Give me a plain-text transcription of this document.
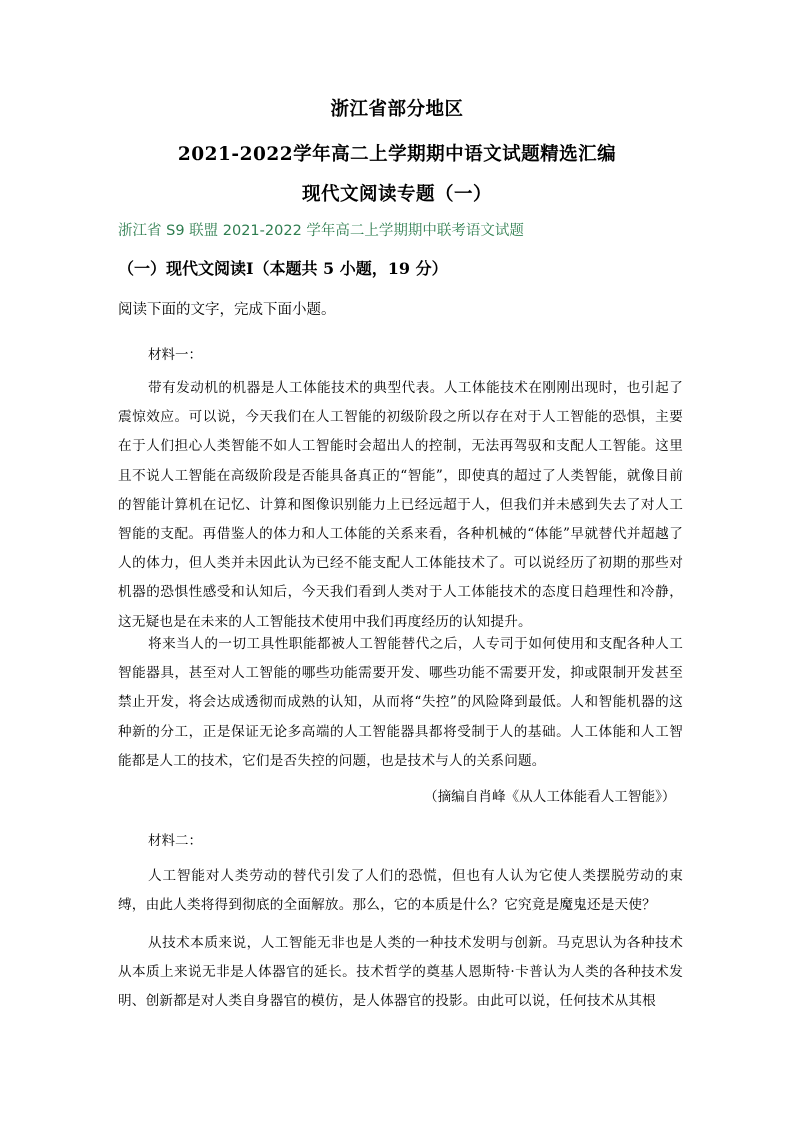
浙江省部分地区
2021-2022学年高二上学期期中语文试题精选汇编
现代文阅读专题（一）
浙江省 S9 联盟 2021-2022 学年高二上学期期中联考语文试题
（一）现代文阅读Ⅰ（本题共 5 小题，19 分）
阅读下面的文字，完成下面小题。
材料一：

带有发动机的机器是人工体能技术的典型代表。人工体能技术在刚刚出现时，也引起了震惊效应。可以说，今天我们在人工智能的初级阶段之所以存在对于人工智能的恐惧，主要在于人们担心人类智能不如人工智能时会超出人的控制，无法再驾驭和支配人工智能。这里且不说人工智能在高级阶段是否能具备真正的“智能”，即使真的超过了人类智能，就像目前的智能计算机在记忆、计算和图像识别能力上已经远超于人，但我们并未感到失去了对人工智能的支配。再借鉴人的体力和人工体能的关系来看，各种机械的“体能”早就替代并超越了人的体力，但人类并未因此认为已经不能支配人工体能技术了。可以说经历了初期的那些对机器的恐惧性感受和认知后，今天我们看到人类对于人工体能技术的态度日趋理性和冷静，这无疑也是在未来的人工智能技术使用中我们再度经历的认知提升。

将来当人的一切工具性职能都被人工智能替代之后，人专司于如何使用和支配各种人工智能器具，甚至对人工智能的哪些功能需要开发、哪些功能不需要开发，抑或限制开发甚至禁止开发，将会达成透彻而成熟的认知，从而将“失控”的风险降到最低。人和智能机器的这种新的分工，正是保证无论多高端的人工智能器具都将受制于人的基础。人工体能和人工智能都是人工的技术，它们是否失控的问题，也是技术与人的关系问题。

（摘编自肖峰《从人工体能看人工智能》）
材料二：

人工智能对人类劳动的替代引发了人们的恐慌，但也有人认为它使人类摆脱劳动的束缚，由此人类将得到彻底的全面解放。那么，它的本质是什么？它究竟是魔鬼还是天使？

从技术本质来说，人工智能无非也是人类的一种技术发明与创新。马克思认为各种技术从本质上来说无非是人体器官的延长。技术哲学的奠基人恩斯特·卡普认为人类的各种技术发明、创新都是对人类自身器官的模仿，是人体器官的投影。由此可以说，任何技术从其根
